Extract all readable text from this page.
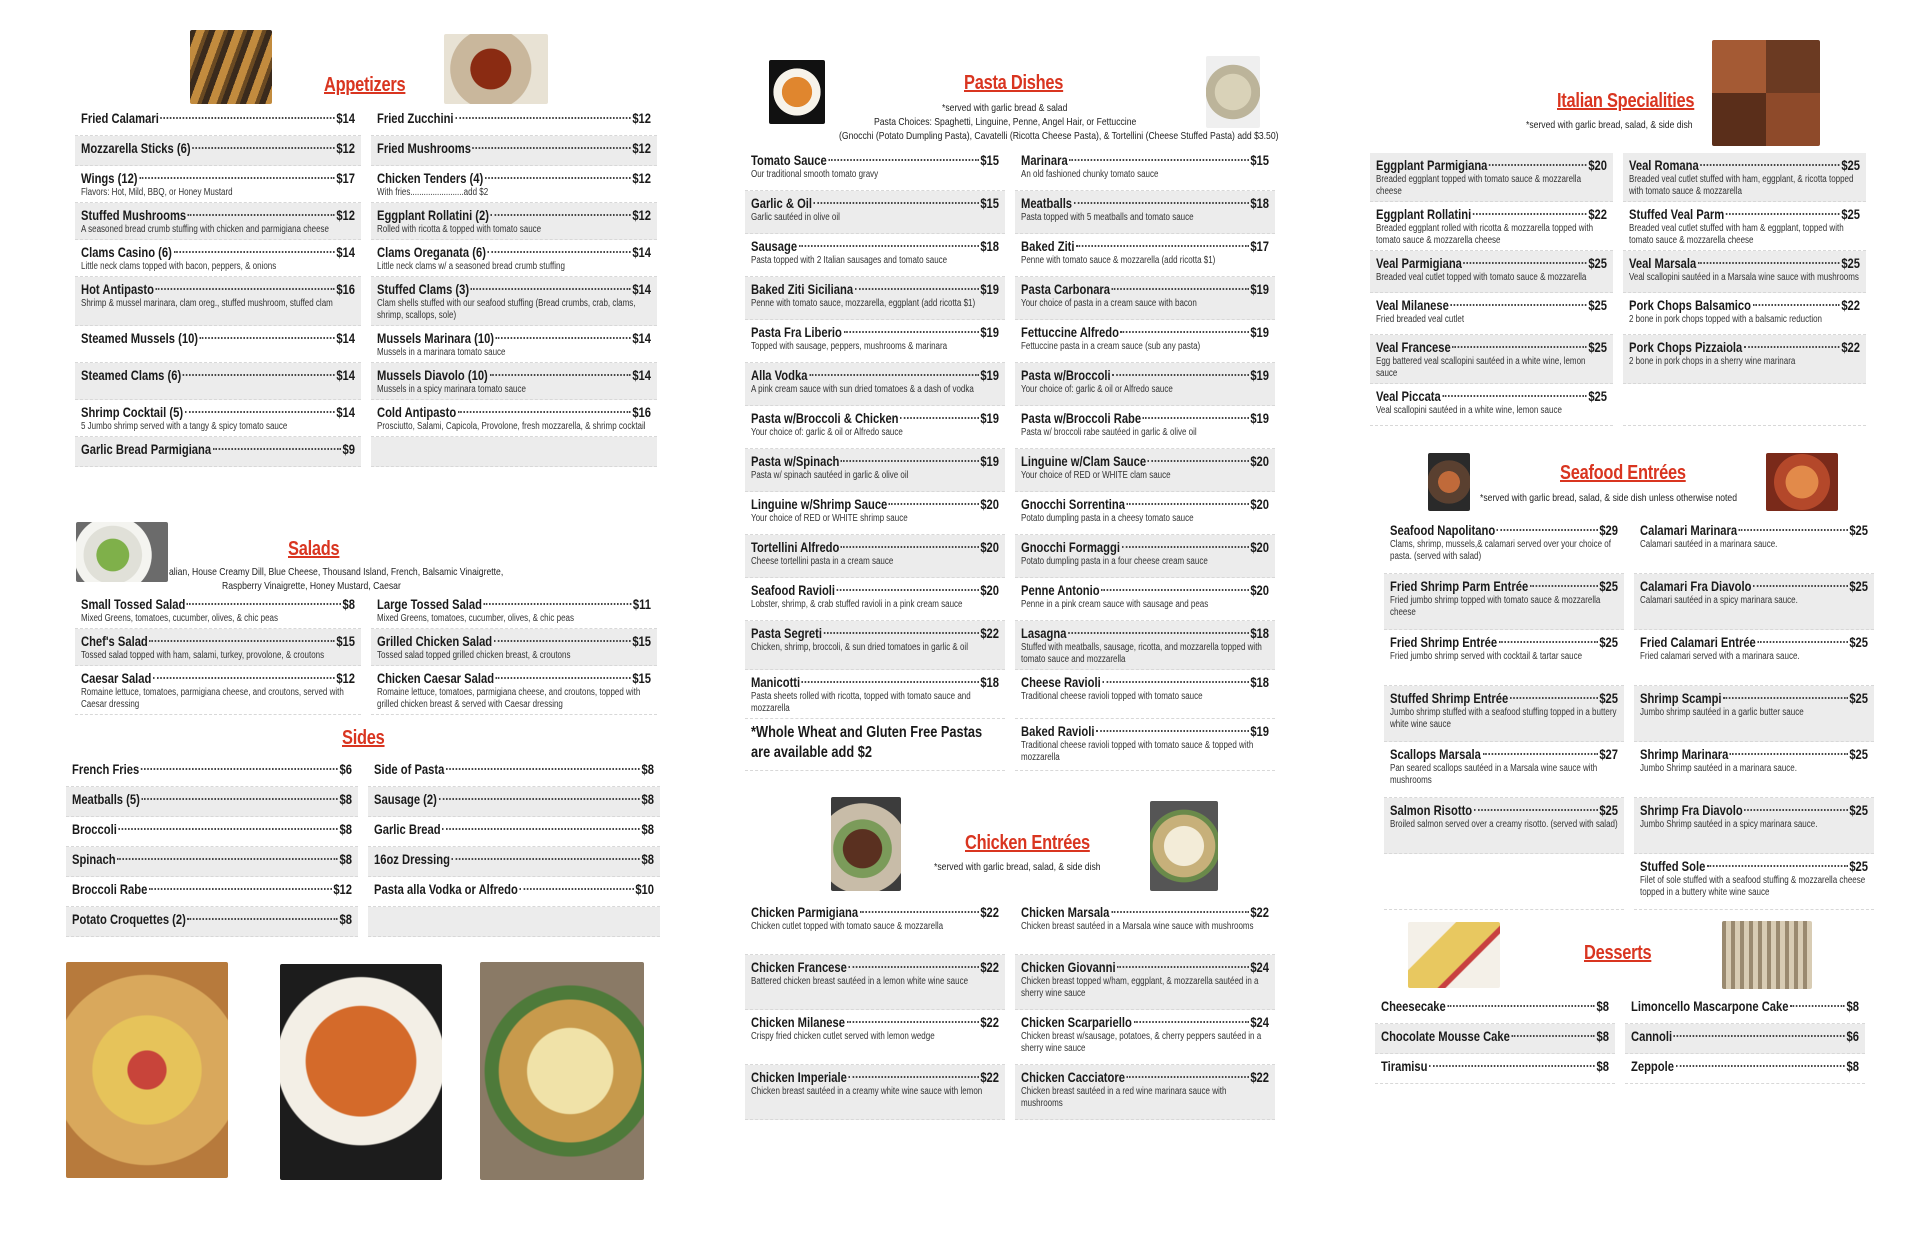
Appetizers
Fried Calamari	$14 Fried Zucchini	$12
Mozzarella Sticks (6)	$12 Fried Mushrooms	$12
Wings (12)	$17
Flavors: Hot, Mild, BBQ, or Honey Mustard
Chicken Tenders (4)	$12
With fries........................add $2
Stuffed Mushrooms	$12
A seasoned bread crumb stuffing with chicken and parmigiana cheese
Eggplant Rollatini (2)	$12
Rolled with ricotta & topped with tomato sauce
Clams Casino (6)	$14
Little neck clams topped with bacon, peppers, & onions
Clams Oreganata (6)	$14
Little neck clams w/ a seasoned bread crumb stuffing
Hot Antipasto	$16
Shrimp & mussel marinara, clam oreg., stuffed mushroom, stuffed clam
Stuffed Clams (3)	$14
Clam shells stuffed with our seafood stuffing (Bread crumbs, crab, clams, shrimp, scallops, sole)
Steamed Mussels (10)	$14 Mussels Marinara (10)	$14
Mussels in a marinara tomato sauce
Steamed Clams (6)	$14 Mussels Diavolo (10)	$14
Mussels in a spicy marinara tomato sauce
Shrimp Cocktail (5)	$14
5 Jumbo shrimp served with a tangy & spicy tomato sauce
Cold Antipasto	$16
Prosciutto, Salami, Capicola, Provolone, fresh mozzarella, & shrimp cocktail
Garlic Bread Parmigiana	$9
Salads
alian, House Creamy Dill, Blue Cheese, Thousand Island, French, Balsamic Vinaigrette,
Raspberry Vinaigrette, Honey Mustard, Caesar
Small Tossed Salad	$8
Mixed Greens, tomatoes, cucumber, olives, & chic peas
Large Tossed Salad	$11
Mixed Greens, tomatoes, cucumber, olives, & chic peas
Chef's Salad	$15
Tossed salad topped with ham, salami, turkey, provolone, & croutons
Grilled Chicken Salad	$15
Tossed salad topped grilled chicken breast, & croutons
Caesar Salad	$12
Romaine lettuce, tomatoes, parmigiana cheese, and croutons, served with Caesar dressing
Chicken Caesar Salad	$15
Romaine lettuce, tomatoes, parmigiana cheese, and croutons, topped with grilled chicken breast & served with Caesar dressing
Sides
French Fries	$6 Side of Pasta	$8
Meatballs (5)	$8 Sausage (2)	$8
Broccoli	$8 Garlic Bread	$8
Spinach	$8 16oz Dressing	$8
Broccoli Rabe	$12 Pasta alla Vodka or Alfredo	$10
Potato Croquettes (2)	$8
Pasta Dishes
*served with garlic bread & salad
Pasta Choices: Spaghetti, Linguine, Penne, Angel Hair, or Fettuccine
(Gnocchi (Potato Dumpling Pasta), Cavatelli (Ricotta Cheese Pasta), & Tortellini (Cheese Stuffed Pasta) add $3.50)
Tomato Sauce	$15
Our traditional smooth tomato gravy
Marinara	$15
An old fashioned chunky tomato sauce
Garlic & Oil	$15
Garlic sautéed in olive oil
Meatballs	$18
Pasta topped with 5 meatballs and tomato sauce
Sausage	$18
Pasta topped with 2 Italian sausages and tomato sauce
Baked Ziti	$17
Penne with tomato sauce & mozzarella (add ricotta $1)
Baked Ziti Siciliana	$19
Penne with tomato sauce, mozzarella, eggplant (add ricotta $1)
Pasta Carbonara	$19
Your choice of pasta in a cream sauce with bacon
Pasta Fra Liberio	$19
Topped with sausage, peppers, mushrooms & marinara
Fettuccine Alfredo	$19
Fettuccine pasta in a cream sauce (sub any pasta)
Alla Vodka	$19
A pink cream sauce with sun dried tomatoes & a dash of vodka
Pasta w/Broccoli	$19
Your choice of: garlic & oil or Alfredo sauce
Pasta w/Broccoli & Chicken	$19
Your choice of: garlic & oil or Alfredo sauce
Pasta w/Broccoli Rabe	$19
Pasta w/ broccoli rabe sautéed in garlic & olive oil
Pasta w/Spinach	$19
Pasta w/ spinach sautéed in garlic & olive oil
Linguine w/Clam Sauce	$20
Your choice of RED or WHITE clam sauce
Linguine w/Shrimp Sauce	$20
Your choice of RED or WHITE shrimp sauce
Gnocchi Sorrentina	$20
Potato dumpling pasta in a cheesy tomato sauce
Tortellini Alfredo	$20
Cheese tortellini pasta in a cream sauce
Gnocchi Formaggi	$20
Potato dumpling pasta in a four cheese cream sauce
Seafood Ravioli	$20
Lobster, shrimp, & crab stuffed ravioli in a pink cream sauce
Penne Antonio	$20
Penne in a pink cream sauce with sausage and peas
Pasta Segreti	$22
Chicken, shrimp, broccoli, & sun dried tomatoes in garlic & oil
Lasagna	$18
Stuffed with meatballs, sausage, ricotta, and mozzarella topped with tomato sauce and mozzarella
Manicotti	$18
Pasta sheets rolled with ricotta, topped with tomato sauce and mozzarella
Cheese Ravioli	$18
Traditional cheese ravioli topped with tomato sauce
*Whole Wheat and Gluten Free Pastas are available add $2
Baked Ravioli	$19
Traditional cheese ravioli topped with tomato sauce & topped with mozzarella
Chicken Entrées
*served with garlic bread, salad, & side dish
Chicken Parmigiana	$22
Chicken cutlet topped with tomato sauce & mozzarella
Chicken Marsala	$22
Chicken breast sautéed in a Marsala wine sauce with mushrooms
Chicken Francese	$22
Battered chicken breast sautéed in a lemon white wine sauce
Chicken Giovanni	$24
Chicken breast topped w/ham, eggplant, & mozzarella sautéed in a sherry wine sauce
Chicken Milanese	$22
Crispy fried chicken cutlet served with lemon wedge
Chicken Scarpariello	$24
Chicken breast w/sausage, potatoes, & cherry peppers sautéed in a sherry wine sauce
Chicken Imperiale	$22
Chicken breast sautéed in a creamy white wine sauce with lemon
Chicken Cacciatore	$22
Chicken breast sautéed in a red wine marinara sauce with mushrooms
Italian Specialities
*served with garlic bread, salad, & side dish
Eggplant Parmigiana	$20
Breaded eggplant topped with tomato sauce & mozzarella cheese
Veal Romana	$25
Breaded veal cutlet stuffed with ham, eggplant, & ricotta topped with tomato sauce & mozzarella
Eggplant Rollatini	$22
Breaded eggplant rolled with ricotta & mozzarella topped with tomato sauce & mozzarella cheese
Stuffed Veal Parm	$25
Breaded veal cutlet stuffed with ham & eggplant, topped with tomato sauce & mozzarella cheese
Veal Parmigiana	$25
Breaded veal cutlet topped with tomato sauce & mozzarella
Veal Marsala	$25
Veal scallopini sautéed in a Marsala wine sauce with mushrooms
Veal Milanese	$25
Fried breaded veal cutlet
Pork Chops Balsamico	$22
2 bone in pork chops topped with a balsamic reduction
Veal Francese	$25
Egg battered veal scallopini sautéed in a white wine, lemon sauce
Pork Chops Pizzaiola	$22
2 bone in pork chops in a sherry wine marinara
Veal Piccata	$25
Veal scallopini sautéed in a white wine, lemon sauce
Seafood Entrées
*served with garlic bread, salad, & side dish unless otherwise noted
Seafood Napolitano	$29
Clams, shrimp, mussels,& calamari served over your choice of pasta. (served with salad)
Calamari Marinara	$25
Calamari sautéed in a marinara sauce.
Fried Shrimp Parm Entrée	$25
Fried jumbo shrimp topped with tomato sauce & mozzarella cheese
Calamari Fra Diavolo	$25
Calamari sautéed in a spicy marinara sauce.
Fried Shrimp Entrée	$25
Fried jumbo shrimp served with cocktail & tartar sauce
Fried Calamari Entrée	$25
Fried calamari served with a marinara sauce.
Stuffed Shrimp Entrée	$25
Jumbo shrimp stuffed with a seafood stuffing topped in a buttery white wine sauce
Shrimp Scampi	$25
Jumbo shrimp sautéed in a garlic butter sauce
Scallops Marsala	$27
Pan seared scallops sautéed in a Marsala wine sauce with mushrooms
Shrimp Marinara	$25
Jumbo Shrimp sautéed in a marinara sauce.
Salmon Risotto	$25
Broiled salmon served over a creamy risotto. (served with salad)
Shrimp Fra Diavolo	$25
Jumbo Shrimp sautéed in a spicy marinara sauce.
Stuffed Sole	$25
Filet of sole stuffed with a seafood stuffing & mozzarella cheese topped in a buttery white wine sauce
Desserts
Cheesecake	$8 Limoncello Mascarpone Cake	$8
Chocolate Mousse Cake	$8 Cannoli	$6
Tiramisu	$8 Zeppole	$8
